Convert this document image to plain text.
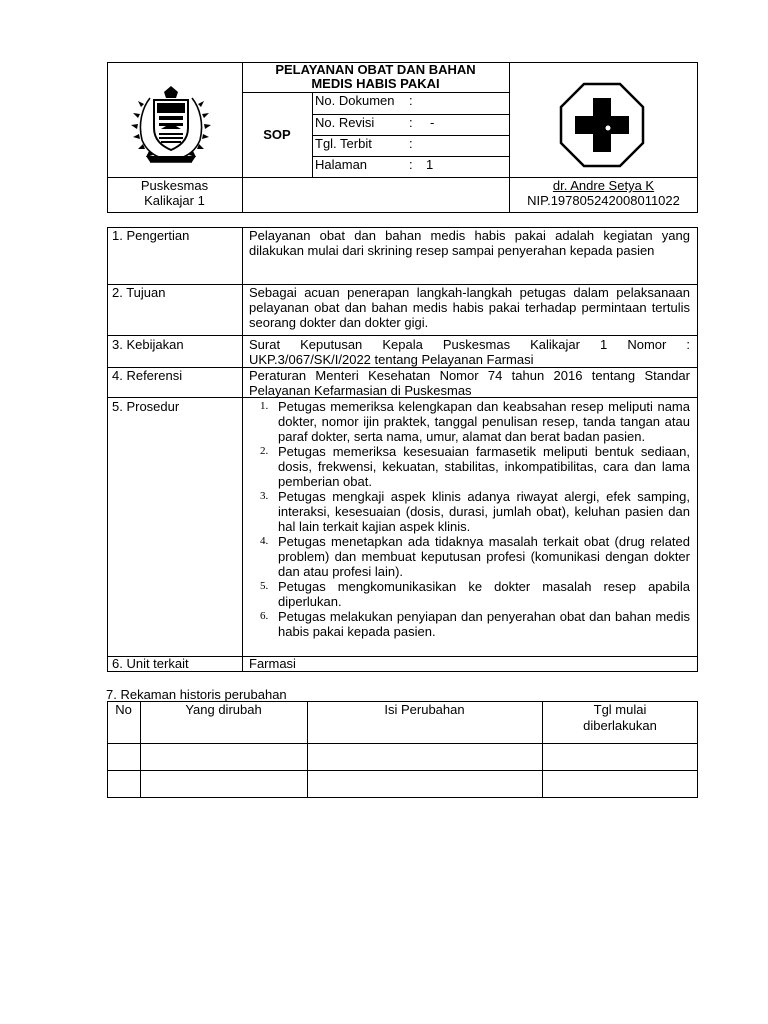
PELAYANAN OBAT DAN BAHAN
MEDIS HABIS PAKAI
SOP
No. Dokumen :
No. Revisi	: -
Tgl. Terbit	:
Halaman	: 1
Puskesmas
Kalikajar 1
dr. Andre Setya K
NIP.197805242008011022
1. Pengertian	Pelayanan obat dan bahan medis habis pakai adalah kegiatan yang dilakukan mulai dari skrining resep sampai penyerahan kepada pasien
2. Tujuan	Sebagai acuan penerapan langkah-langkah petugas dalam pelaksanaan pelayanan obat dan bahan medis habis pakai terhadap permintaan tertulis seorang dokter dan dokter gigi.
3. Kebijakan	Surat Keputusan Kepala Puskesmas Kalikajar 1 Nomor : UKP.3/067/SK/I/2022 tentang Pelayanan Farmasi
4. Referensi	Peraturan Menteri Kesehatan Nomor 74 tahun 2016 tentang Standar Pelayanan Kefarmasian di Puskesmas
5. Prosedur	1. Petugas memeriksa kelengkapan dan keabsahan resep meliputi nama dokter, nomor ijin praktek, tanggal penulisan resep, tanda tangan atau paraf dokter, serta nama, umur, alamat dan berat badan pasien.
2. Petugas memeriksa kesesuaian farmasetik meliputi bentuk sediaan, dosis, frekwensi, kekuatan, stabilitas, inkompatibilitas, cara dan lama pemberian obat.
3. Petugas mengkaji aspek klinis adanya riwayat alergi, efek samping, interaksi, kesesuaian (dosis, durasi, jumlah obat), keluhan pasien dan hal lain terkait kajian aspek klinis.
4. Petugas menetapkan ada tidaknya masalah terkait obat (drug related problem) dan membuat keputusan profesi (komunikasi dengan dokter dan atau profesi lain).
5. Petugas mengkomunikasikan ke dokter masalah resep apabila diperlukan.
6. Petugas melakukan penyiapan dan penyerahan obat dan bahan medis habis pakai kepada pasien.
6. Unit terkait	Farmasi
7. Rekaman historis perubahan
No	Yang dirubah	Isi Perubahan	Tgl mulai
diberlakukan
